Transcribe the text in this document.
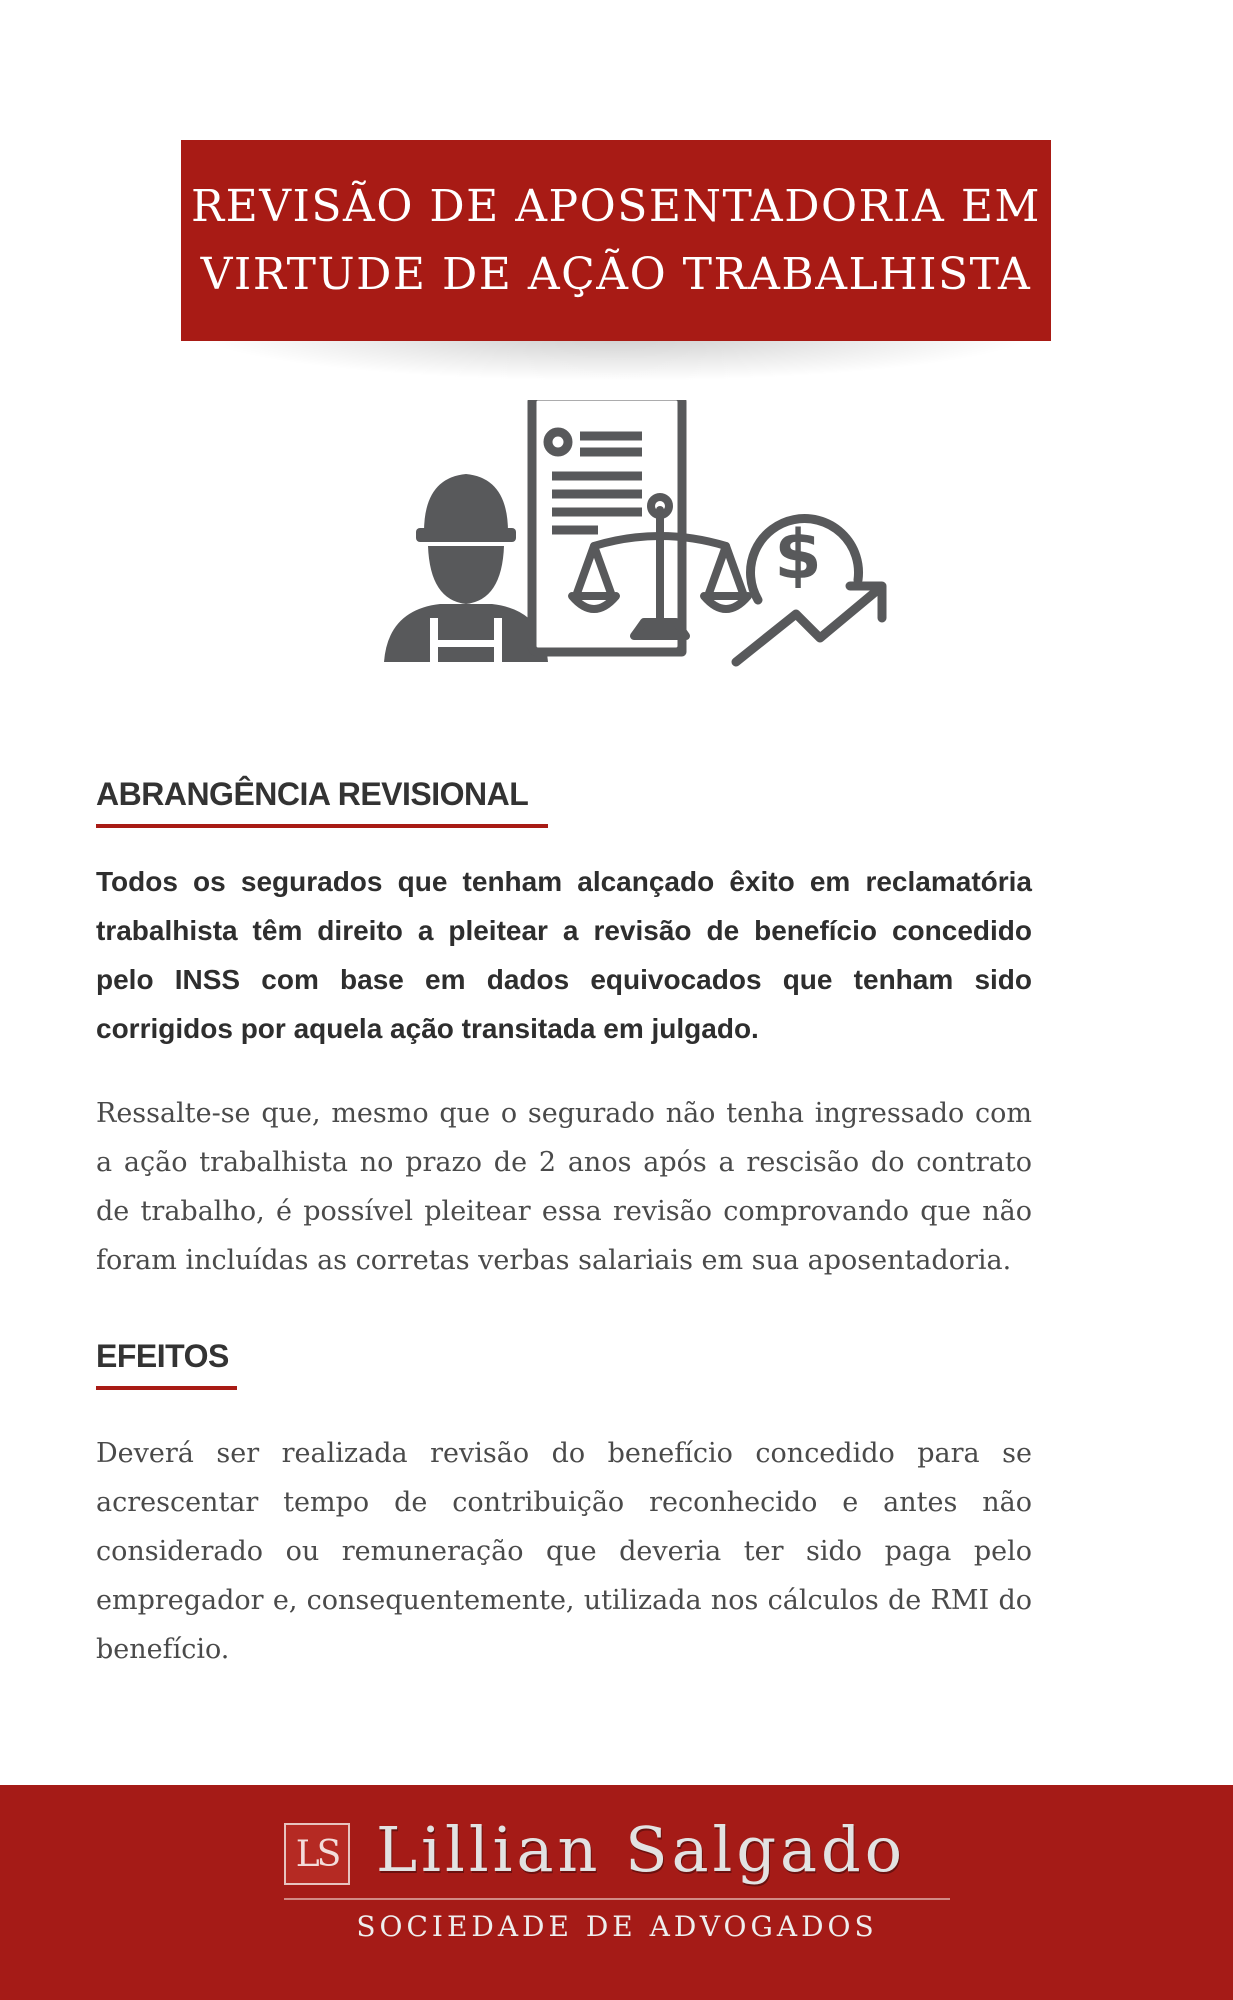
REVISÃO DE APOSENTADORIA EM
VIRTUDE DE AÇÃO TRABALHISTA
$
ABRANGÊNCIA REVISIONAL

Todos os segurados que tenham alcançado êxito em reclamatória trabalhista têm direito a pleitear a revisão de benefício concedido pelo INSS com base em dados equivocados que tenham sido corrigidos por aquela ação transitada em julgado.

Ressalte-se que, mesmo que o segurado não tenha ingressado com a ação trabalhista no prazo de 2 anos após a rescisão do contrato de trabalho, é possível pleitear essa revisão comprovando que não foram incluídas as corretas verbas salariais em sua aposentadoria.

EFEITOS

Deverá ser realizada revisão do benefício concedido para se acrescentar tempo de contribuição reconhecido e antes não considerado ou remuneração que deveria ter sido paga pelo empregador e, consequentemente, utilizada nos cálculos de RMI do benefício.

LS Lillian Salgado
SOCIEDADE DE ADVOGADOS
